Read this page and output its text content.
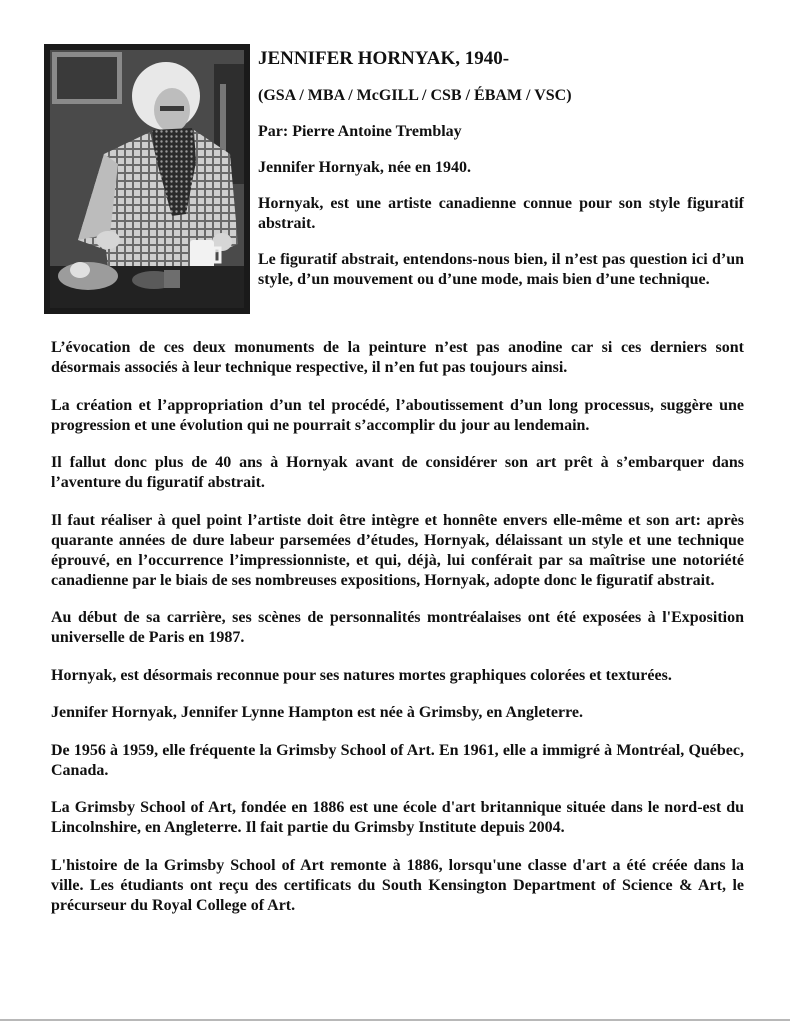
JENNIFER HORNYAK, 1940-
(GSA / MBA / McGILL / CSB / ÉBAM / VSC)
Par: Pierre Antoine Tremblay
Jennifer Hornyak, née en 1940.
Hornyak, est une artiste canadienne connue pour son style figuratif abstrait.
Le figuratif abstrait, entendons-nous bien, il n’est pas question ici d’un style, d’un mouvement ou d’une mode, mais bien d’une technique.
L’évocation de ces deux monuments de la peinture n’est pas anodine car si ces derniers sont désormais associés à leur technique respective, il n’en fut pas toujours ainsi.
La création et l’appropriation d’un tel procédé, l’aboutissement d’un long processus, suggère une progression et une évolution qui ne pourrait s’accomplir du jour au lendemain.
Il fallut donc plus de 40 ans à Hornyak avant de considérer son art prêt à s’embarquer dans l’aventure du figuratif abstrait.
Il faut réaliser à quel point l’artiste doit être intègre et honnête envers elle-même et son art: après quarante années de dure labeur parsemées d’études, Hornyak, délaissant un style et une technique éprouvé, en l’occurrence l’impressionniste, et qui, déjà, lui conférait par sa maîtrise une notoriété canadienne par le biais de ses nombreuses expositions, Hornyak, adopte donc le figuratif abstrait.
Au début de sa carrière, ses scènes de personnalités montréalaises ont été exposées à l'Exposition universelle de Paris en 1987.
Hornyak, est désormais reconnue pour ses natures mortes graphiques colorées et texturées.
Jennifer Hornyak, Jennifer Lynne Hampton est née à Grimsby, en Angleterre.
De 1956 à 1959, elle fréquente la Grimsby School of Art. En 1961, elle a immigré à Montréal, Québec, Canada.
La Grimsby School of Art, fondée en 1886 est une école d'art britannique située dans le nord-est du Lincolnshire, en Angleterre. Il fait partie du Grimsby Institute depuis 2004.
L'histoire de la Grimsby School of Art remonte à 1886, lorsqu'une classe d'art a été créée dans la ville. Les étudiants ont reçu des certificats du South Kensington Department of Science & Art, le précurseur du Royal College of Art.
